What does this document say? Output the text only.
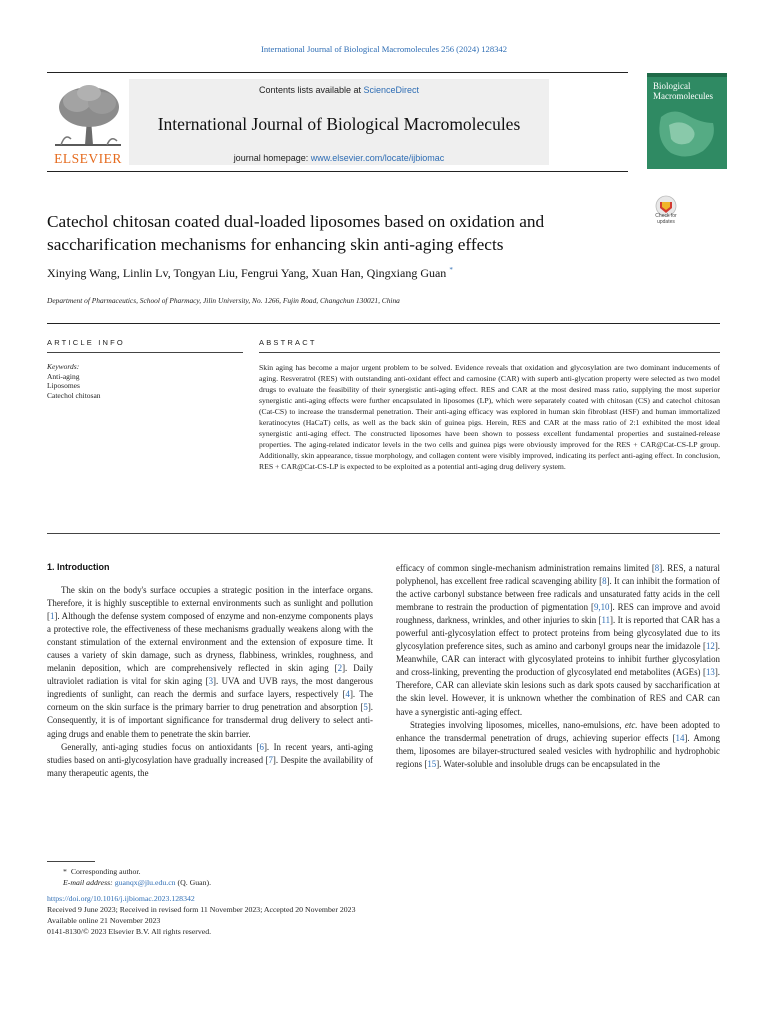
International Journal of Biological Macromolecules 256 (2024) 128342
ELSEVIER
Contents lists available at ScienceDirect
International Journal of Biological Macromolecules
journal homepage: www.elsevier.com/locate/ijbiomac
Biological
Macromolecules
Check for
updates
Catechol chitosan coated dual-loaded liposomes based on oxidation and saccharification mechanisms for enhancing skin anti-aging effects
Xinying Wang, Linlin Lv, Tongyan Liu, Fengrui Yang, Xuan Han, Qingxiang Guan *
Department of Pharmaceutics, School of Pharmacy, Jilin University, No. 1266, Fujin Road, Changchun 130021, China
ARTICLE INFO	ABSTRACT
Keywords:
Anti-aging
Liposomes
Catechol chitosan
Skin aging has become a major urgent problem to be solved. Evidence reveals that oxidation and glycosylation are two dominant inducements of aging. Resveratrol (RES) with outstanding anti-oxidant effect and carnosine (CAR) with superb anti-glycation property were selected as two model drugs to evaluate the feasibility of their synergistic anti-aging effect. RES and CAR at the most desired mass ratio, supplying the most superior synergistic anti-aging effects were further encapsulated in liposomes (LP), which were separately coated with chitosan (CS) and catechol chitosan (Cat-CS) to increase the transdermal penetration. Their anti-aging efficacy was explored in human skin fibroblast (HSF) and human immortalized keratinocytes (HaCaT) cells, as well as the back skin of guinea pigs. Herein, RES and CAR at the mass ratio of 2:1 exhibited the most ideal synergistic anti-aging effect. The constructed liposomes have been shown to possess excellent fundamental properties and sustained-release properties. The aging-related indicator levels in the two cells and guinea pigs were obviously improved for the RES + CAR@Cat-CS-LP group. Additionally, skin appearance, tissue morphology, and collagen content were visibly improved, indicating its perfect anti-aging effect. In conclusion, RES + CAR@Cat-CS-LP is expected to be exploited as a potential anti-aging drug delivery system.
1. Introduction

The skin on the body's surface occupies a strategic position in the interface organs. Therefore, it is highly susceptible to external environments such as sunlight and pollution [1]. Although the defense system composed of enzyme and non-enzyme components plays a protective role, the effectiveness of these mechanisms gradually weakens along with the constant stimulation of the external environment and the extension of exposure time. It causes a variety of skin damage, such as dryness, flabbiness, wrinkles, roughness, and melanin deposition, which are comprehensively reflected in skin aging [2]. Daily ultraviolet radiation is vital for skin aging [3]. UVA and UVB rays, the most dangerous ingredients of sunlight, can reach the dermis and surface layers, respectively [4]. The corneum on the skin surface is the primary barrier to drug penetration and absorption [5]. Consequently, it is of important significance for transdermal drug delivery to select anti-aging drugs and enable them to penetrate the skin barrier.

Generally, anti-aging studies focus on antioxidants [6]. In recent years, anti-aging studies based on anti-glycosylation have gradually increased [7]. Despite the availability of many therapeutic agents, the

efficacy of common single-mechanism administration remains limited [8]. RES, a natural polyphenol, has excellent free radical scavenging ability [8]. It can inhibit the formation of the active carbonyl substance between free radicals and unsaturated fatty acids in the cell membrane to restrain the production of pigmentation [9,10]. RES can improve and avoid roughness, darkness, wrinkles, and other injuries to skin [11]. It is reported that CAR has a powerful anti-glycosylation effect to protect proteins from being glycosylated due to its glycosylation preference sites, such as amino and carbonyl groups near the imidazole [12]. Meanwhile, CAR can interact with glycosylated proteins to inhibit further glycosylation and cross-linking, preventing the production of glycosylated end metabolites (AGEs) [13]. Therefore, CAR can alleviate skin lesions such as dark spots caused by saccharification at the skin level. However, it is unknown whether the combination of RES and CAR can have a synergistic anti-aging effect.

Strategies involving liposomes, micelles, nano-emulsions, etc. have been adopted to enhance the transdermal penetration of drugs, achieving superior effects [14]. Among them, liposomes are bilayer-structured sealed vesicles with hydrophilic and hydrophobic regions [15]. Water-soluble and insoluble drugs can be encapsulated in the

* Corresponding author.
E-mail address: guanqx@jlu.edu.cn (Q. Guan).
https://doi.org/10.1016/j.ijbiomac.2023.128342
Received 9 June 2023; Received in revised form 11 November 2023; Accepted 20 November 2023
Available online 21 November 2023
0141-8130/© 2023 Elsevier B.V. All rights reserved.
